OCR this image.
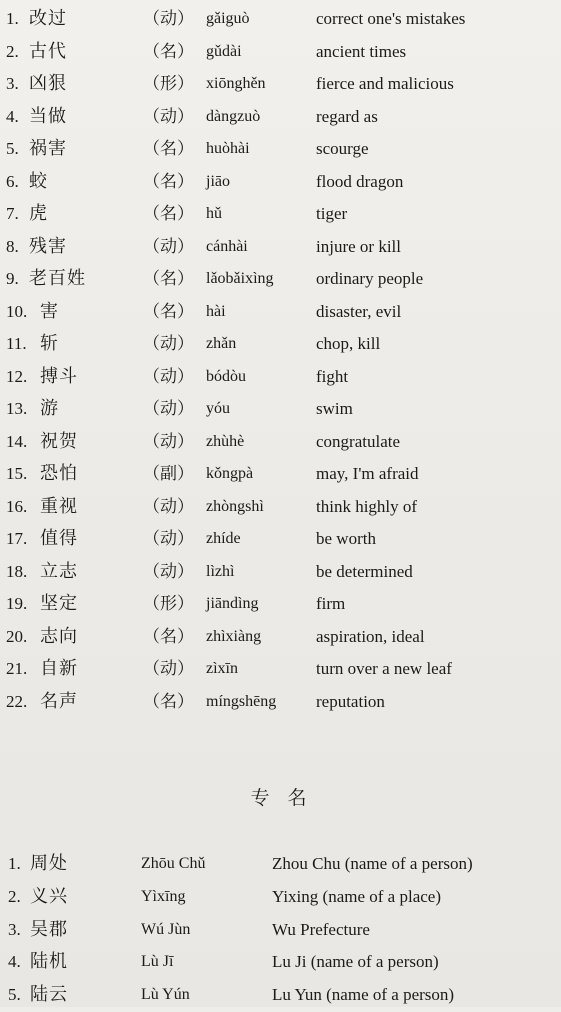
1. 改过	（动） gǎiguò	correct one's mistakes
2. 古代	（名） gǔdài	ancient times
3. 凶狠	（形） xiōnghěn	fierce and malicious
4. 当做	（动） dàngzuò	regard as
5. 祸害	（名） huòhài	scourge
6. 蛟	（名） jiāo	flood dragon
7. 虎	（名） hǔ	tiger
8. 残害	（动） cánhài	injure or kill
9. 老百姓	（名） lǎobǎixìng ordinary people
10. 害	（名） hài	disaster, evil
11. 斩	（动） zhǎn	chop, kill
12. 搏斗	（动） bódòu	fight
13. 游	（动） yóu	swim
14. 祝贺	（动） zhùhè	congratulate
15. 恐怕	（副） kǒngpà	may, I'm afraid
16. 重视	（动） zhòngshì	think highly of
17. 值得	（动） zhíde	be worth
18. 立志	（动） lìzhì	be determined
19. 坚定	（形） jiāndìng	firm
20. 志向	（名） zhìxiàng	aspiration, ideal
21. 自新	（动） zìxīn	turn over a new leaf
22. 名声	（名） míngshēng reputation
专名
1. 周处	Zhōu Chǔ	Zhou Chu (name of a person)
2. 义兴	Yìxīng	Yixing (name of a place)
3. 吴郡	Wú Jùn	Wu Prefecture
4. 陆机	Lù Jī	Lu Ji (name of a person)
5. 陆云	Lù Yún	Lu Yun (name of a person)
